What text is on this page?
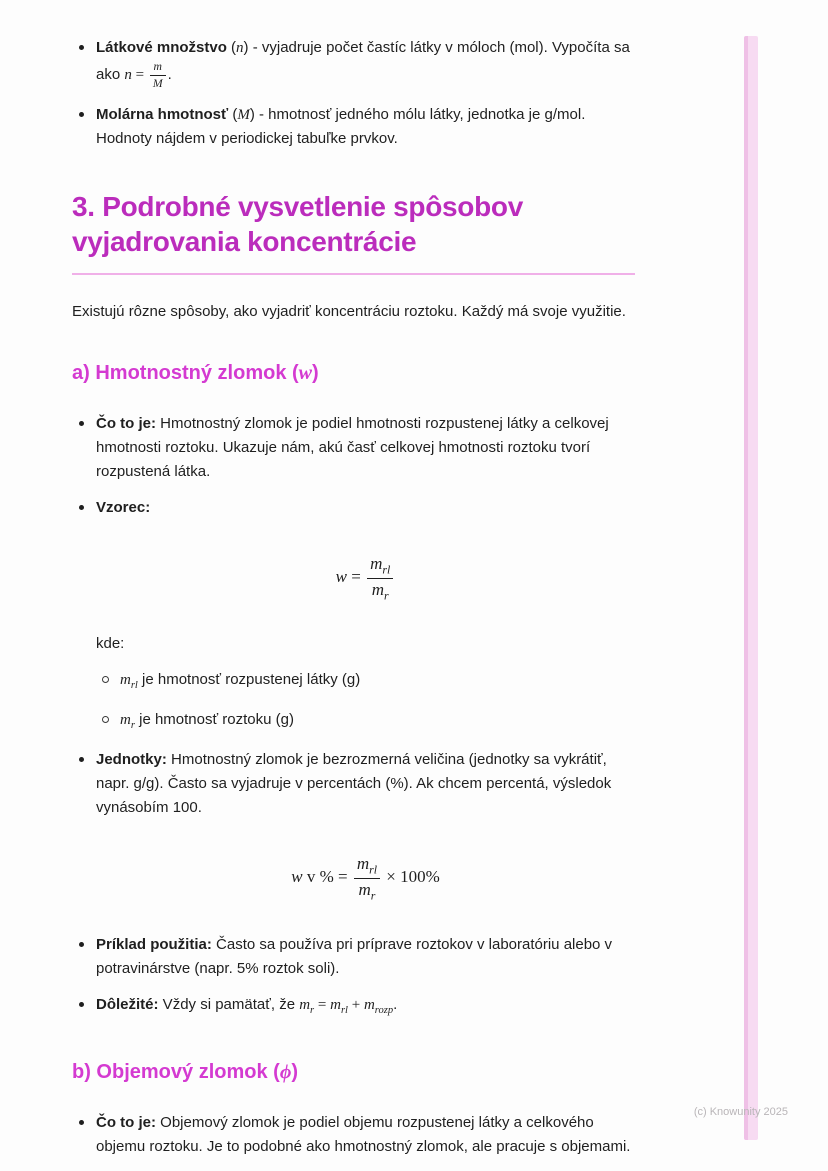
Látkové množstvo (n) - vyjadruje počet častíc látky v móloch (mol). Vypočíta sa ako $n = \frac{m}{M}$ .
Molárna hmotnosť (M) - hmotnosť jedného mólu látky, jednotka je g/mol. Hodnoty nájdem v periodickej tabuľke prvkov.
3. Podrobné vysvetlenie spôsobov vyjadrovania koncentrácie

Existujú rôzne spôsoby, ako vyjadriť koncentráciu roztoku. Každý má svoje využitie.

a) Hmotnostný zlomok (w)
Čo to je: Hmotnostný zlomok je podiel hmotnosti rozpustenej látky a celkovej hmotnosti roztoku. Ukazuje nám, akú časť celkovej hmotnosti roztoku tvorí rozpustená látka.
Vzorec:
$w = \frac{m_{rl}}{m_r}$

kde:

$m_{rl}$ je hmotnosť rozpustenej látky (g)
$m_r$ je hmotnosť roztoku (g)
Jednotky: Hmotnostný zlomok je bezrozmerná veličina (jednotky sa vykrátiť, napr. g/g). Často sa vyjadruje v percentách (%). Ak chcem percentá, výsledok vynásobím 100.
w v % = $\frac{m_{rl}}{m_r} \times 100\%$
Príklad použitia: Často sa používa pri príprave roztokov v laboratóriu alebo v potravinárstve (napr. 5% roztok soli).
Dôležité: Vždy si pamätať, že $m_r = m_{rl} + m_{rozp}$.
b) Objemový zlomok (ϕ)
Čo to je: Objemový zlomok je podiel objemu rozpustenej látky a celkového objemu roztoku. Je to podobné ako hmotnostný zlomok, ale pracuje s objemami.
(c) Knowunity 2025
